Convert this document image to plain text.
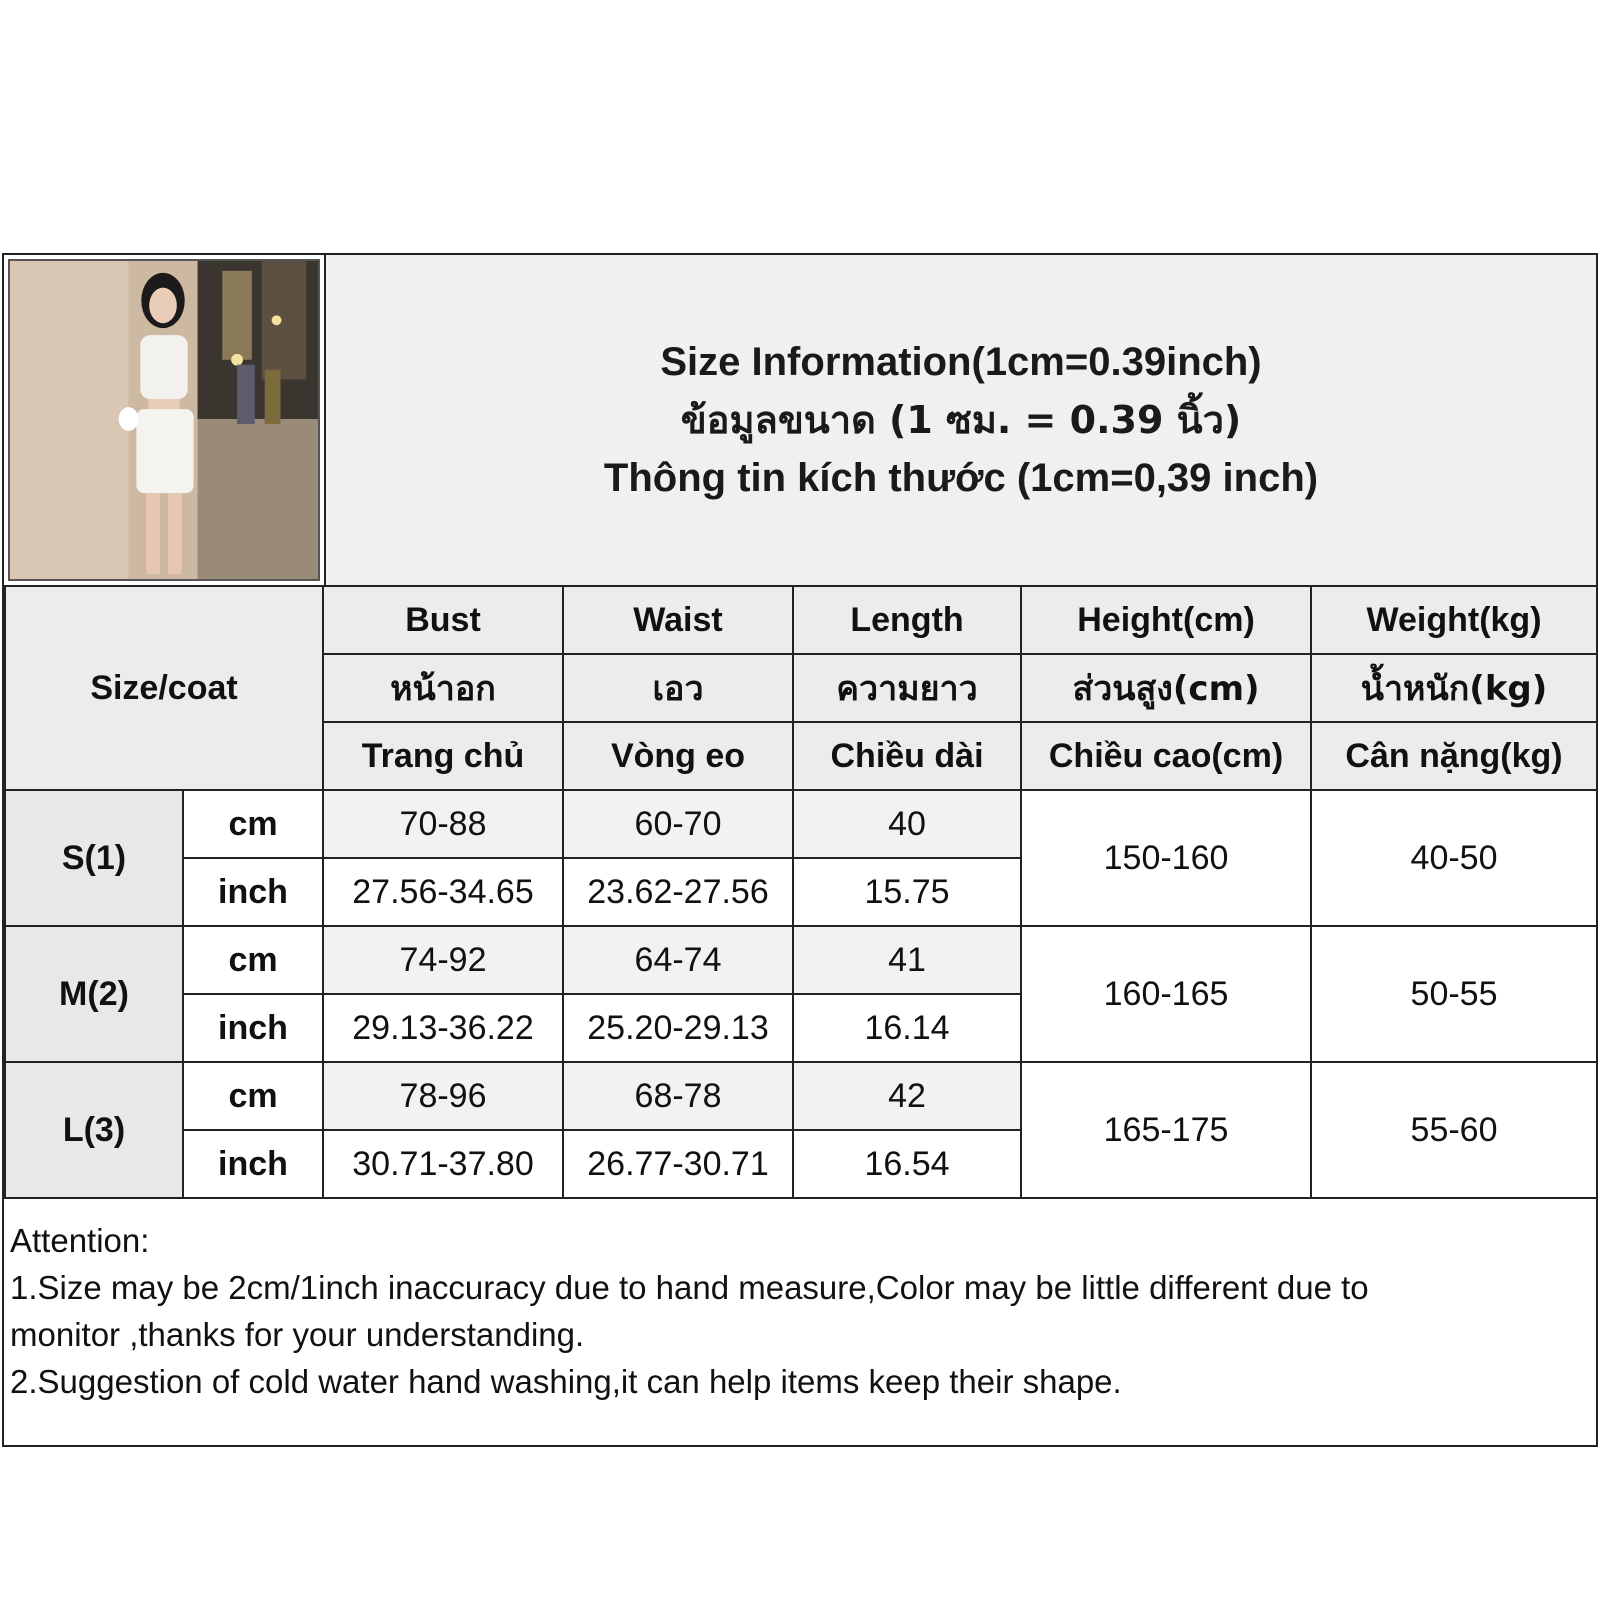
Size Information(1cm=0.39inch)
ข้อมูลขนาด (1 ซม. = 0.39 นิ้ว)
Thông tin kích thước (1cm=0,39 inch)
Size/coat		Bust	Waist	Length	Height(cm)	Weight(kg)
		หน้าอก	เอว	ความยาว	ส่วนสูง(cm)	น้ำหนัก(kg)
		Trang chủ	Vòng eo	Chiều dài	Chiều cao(cm)	Cân nặng(kg)
S(1)	cm	70-88	60-70	40	150-160	40-50
	inch	27.56-34.65	23.62-27.56	15.75		
M(2)	cm	74-92	64-74	41	160-165	50-55
	inch	29.13-36.22	25.20-29.13	16.14		
L(3)	cm	78-96	68-78	42	165-175	55-60
	inch	30.71-37.80	26.77-30.71	16.54		
Attention:
1.Size may be 2cm/1inch inaccuracy due to hand measure,Color may be little different due to
monitor ,thanks for your understanding.
2.Suggestion of cold water hand washing,it can help items keep their shape.
